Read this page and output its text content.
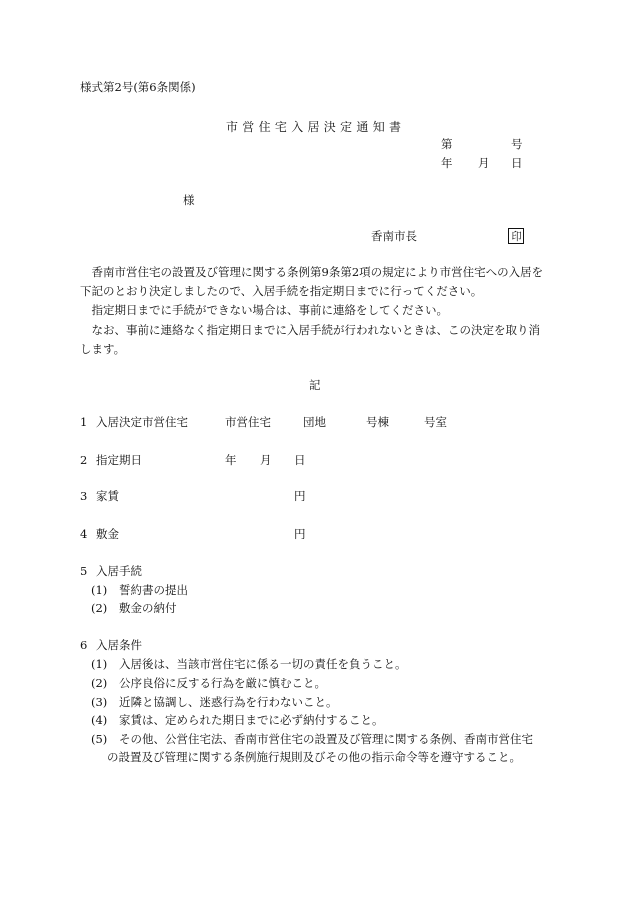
様式第2号(第6条関係)
市営住宅入居決定通知書
第	号
年 月 日
様
香南市長	印
　香南市営住宅の設置及び管理に関する条例第9条第2項の規定により市営住宅への入居を
下記のとおり決定しましたので、入居手続を指定期日までに行ってください。
　指定期日までに手続ができない場合は、事前に連絡をしてください。
　なお、事前に連絡なく指定期日までに入居手続が行われないときは、この決定を取り消
します。
記
1 入居決定市営住宅	市営住宅	団地	号棟	号室
2 指定期日	年 月 日
3 家賃	円
4 敷金	円
5 入居手続
(1) 誓約書の提出
(2) 敷金の納付
6 入居条件
(1) 入居後は、当該市営住宅に係る一切の責任を負うこと。
(2) 公序良俗に反する行為を厳に慎むこと。
(3) 近隣と協調し、迷惑行為を行わないこと。
(4) 家賃は、定められた期日までに必ず納付すること。
(5) その他、公営住宅法、香南市営住宅の設置及び管理に関する条例、香南市営住宅
の設置及び管理に関する条例施行規則及びその他の指示命令等を遵守すること。
